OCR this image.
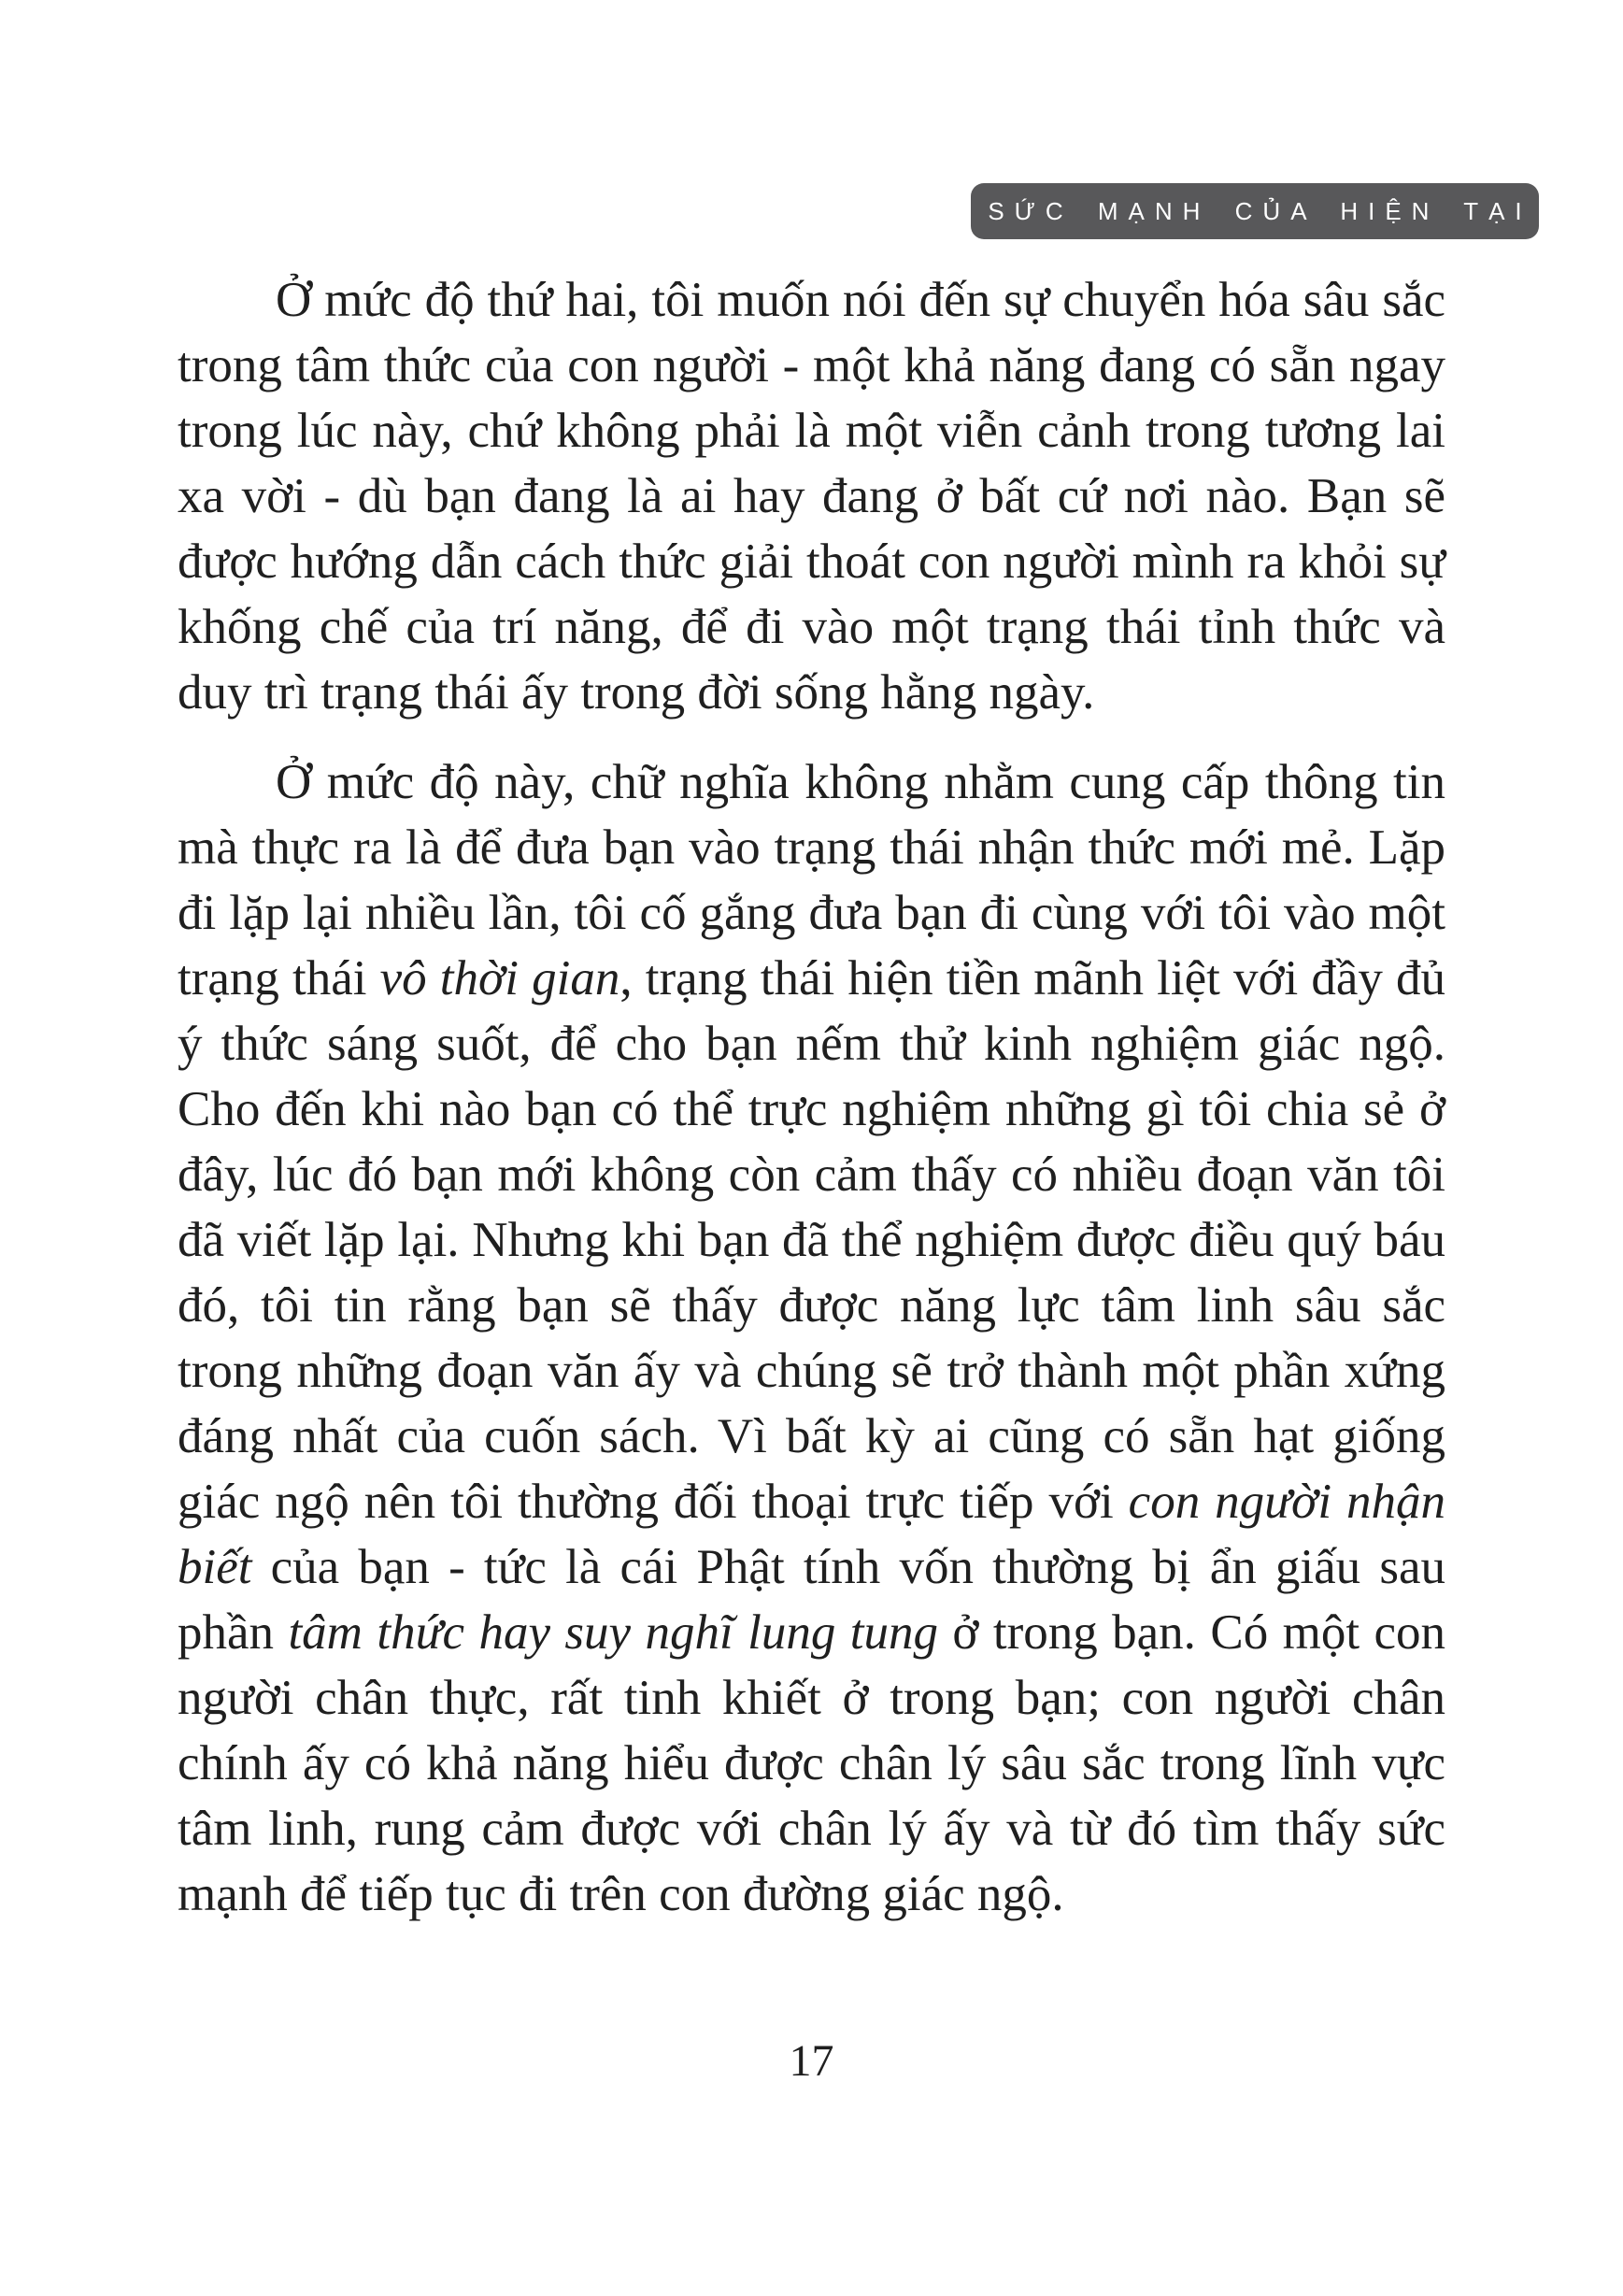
SỨC MẠNH CỦA HIỆN TẠI

Ở mức độ thứ hai, tôi muốn nói đến sự chuyển hóa sâu sắc trong tâm thức của con người - một khả năng đang có sẵn ngay trong lúc này, chứ không phải là một viễn cảnh trong tương lai xa vời - dù bạn đang là ai hay đang ở bất cứ nơi nào. Bạn sẽ được hướng dẫn cách thức giải thoát con người mình ra khỏi sự khống chế của trí năng, để đi vào một trạng thái tỉnh thức và duy trì trạng thái ấy trong đời sống hằng ngày.

Ở mức độ này, chữ nghĩa không nhằm cung cấp thông tin mà thực ra là để đưa bạn vào trạng thái nhận thức mới mẻ. Lặp đi lặp lại nhiều lần, tôi cố gắng đưa bạn đi cùng với tôi vào một trạng thái vô thời gian, trạng thái hiện tiền mãnh liệt với đầy đủ ý thức sáng suốt, để cho bạn nếm thử kinh nghiệm giác ngộ. Cho đến khi nào bạn có thể trực nghiệm những gì tôi chia sẻ ở đây, lúc đó bạn mới không còn cảm thấy có nhiều đoạn văn tôi đã viết lặp lại. Nhưng khi bạn đã thể nghiệm được điều quý báu đó, tôi tin rằng bạn sẽ thấy được năng lực tâm linh sâu sắc trong những đoạn văn ấy và chúng sẽ trở thành một phần xứng đáng nhất của cuốn sách. Vì bất kỳ ai cũng có sẵn hạt giống giác ngộ nên tôi thường đối thoại trực tiếp với con người nhận biết của bạn - tức là cái Phật tính vốn thường bị ẩn giấu sau phần tâm thức hay suy nghĩ lung tung ở trong bạn. Có một con người chân thực, rất tinh khiết ở trong bạn; con người chân chính ấy có khả năng hiểu được chân lý sâu sắc trong lĩnh vực tâm linh, rung cảm được với chân lý ấy và từ đó tìm thấy sức mạnh để tiếp tục đi trên con đường giác ngộ.

17
